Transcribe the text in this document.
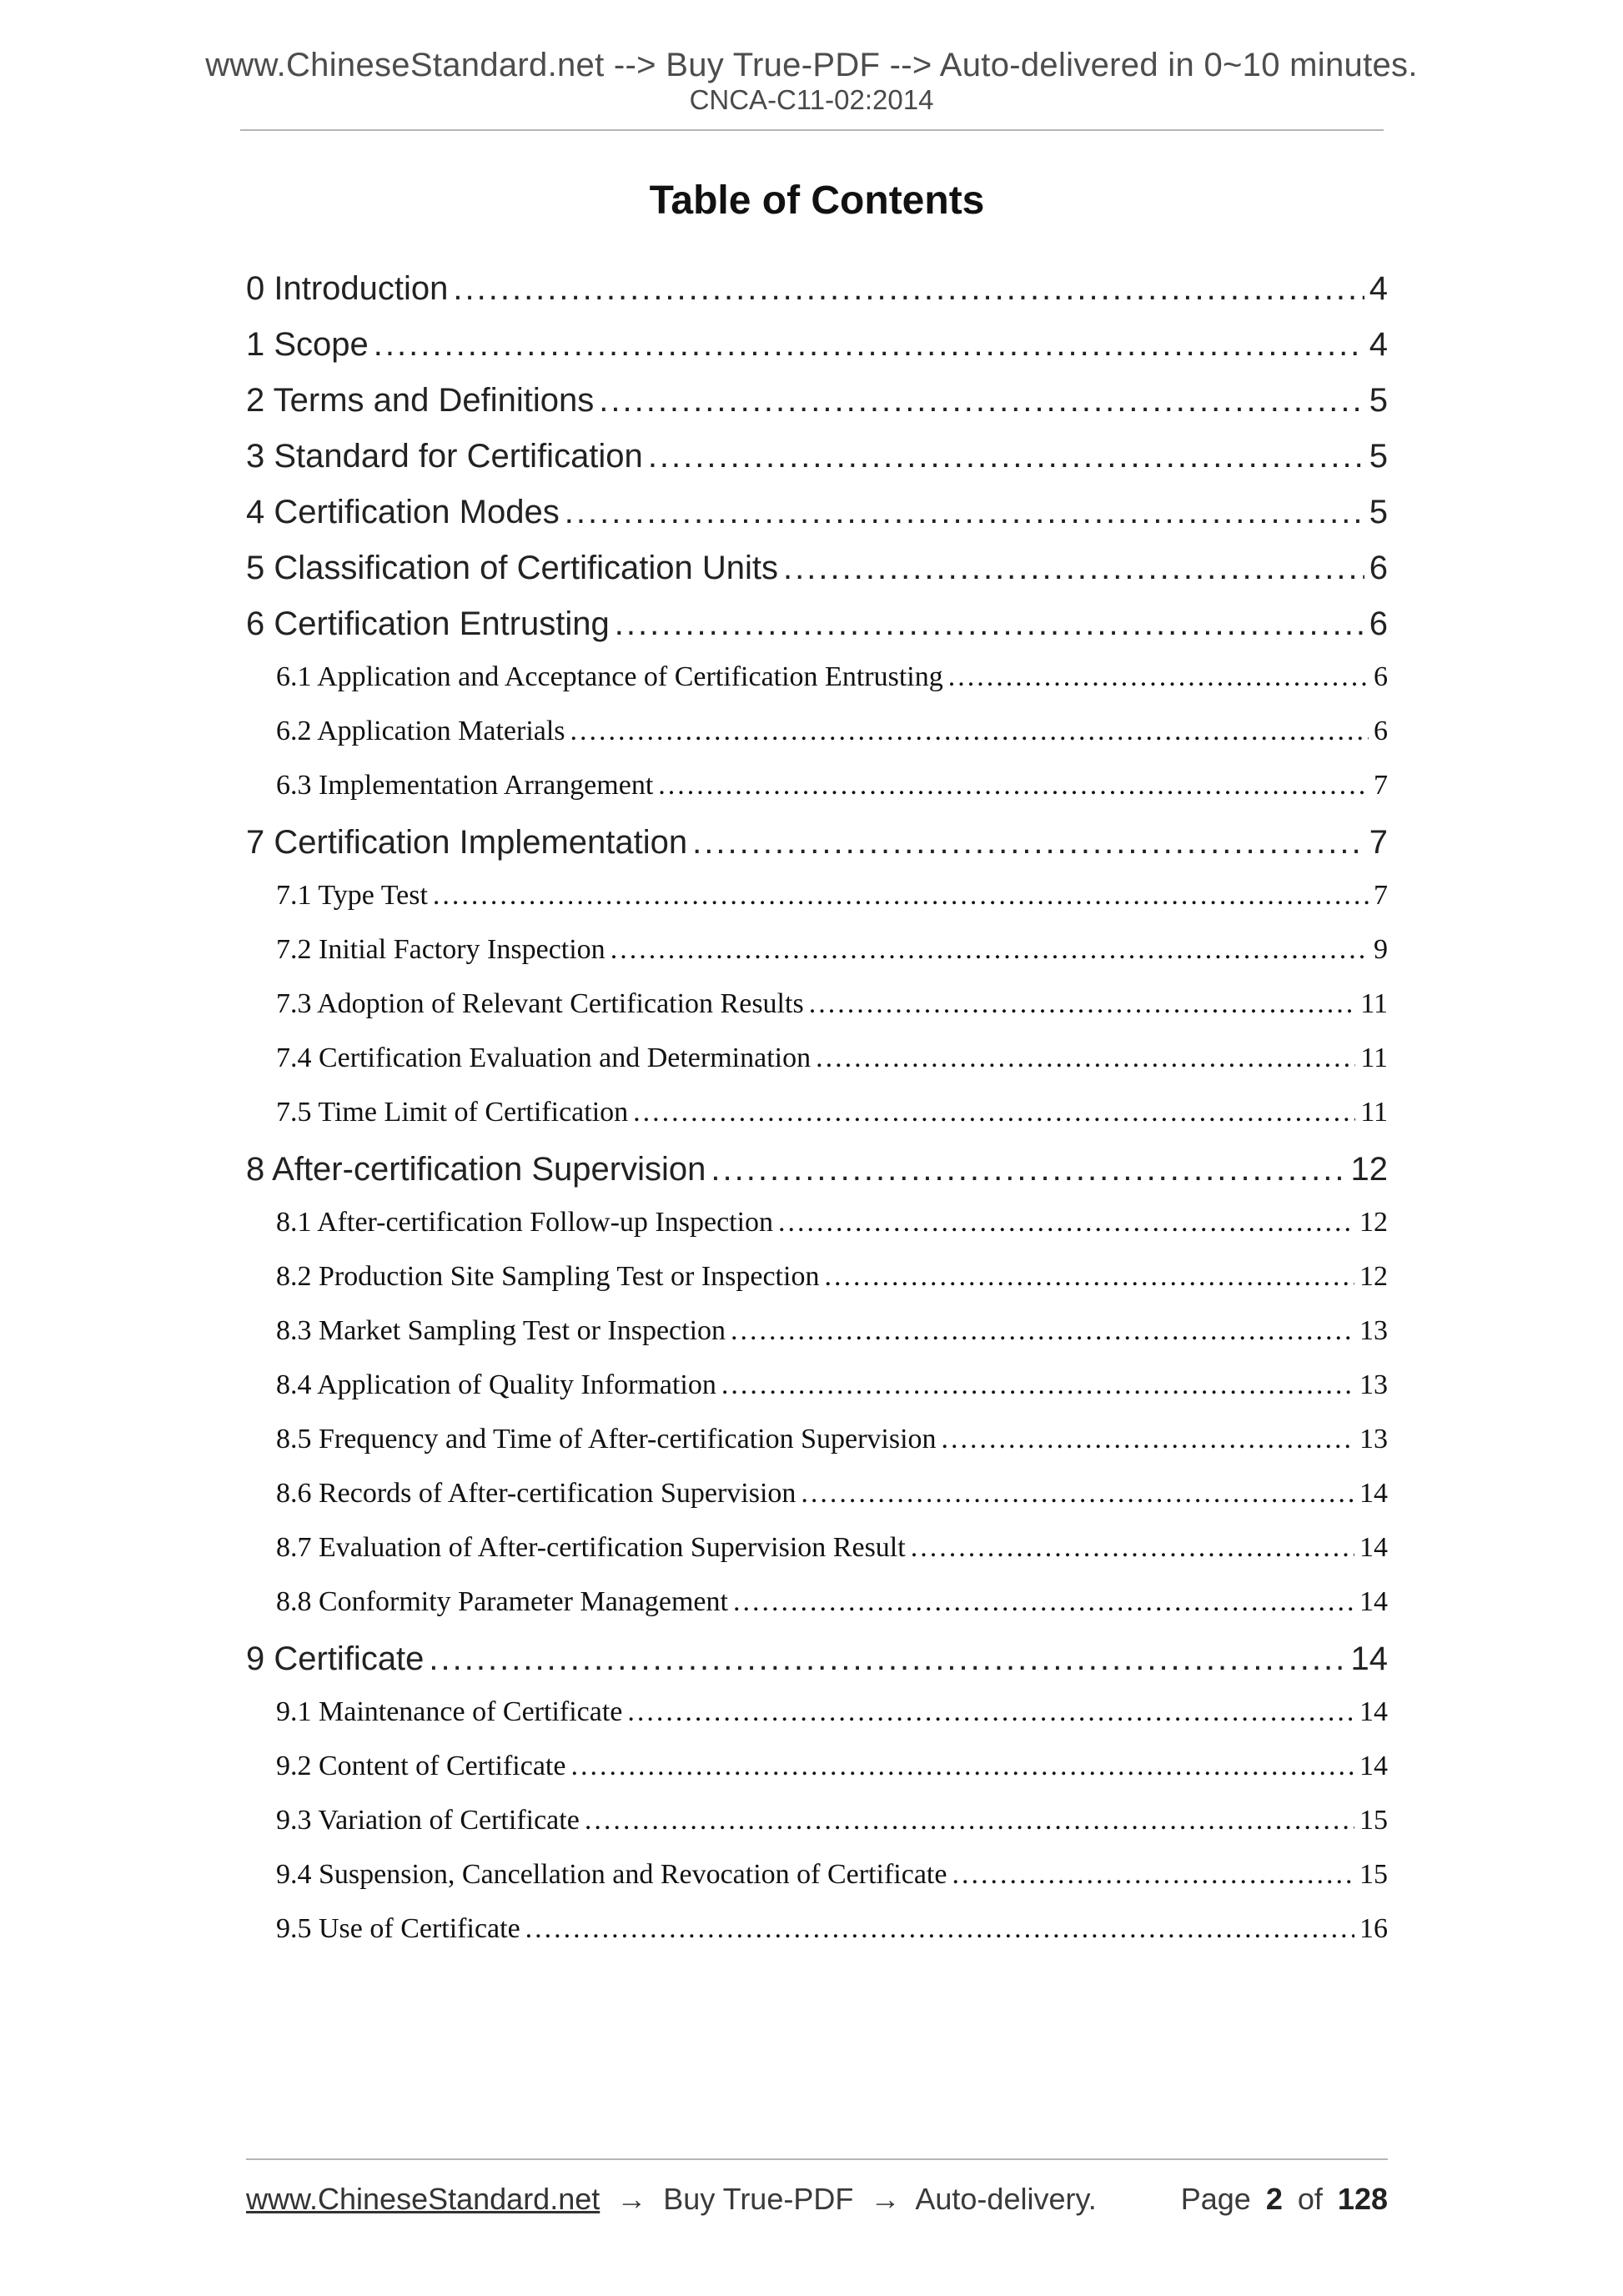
www.ChineseStandard.net --> Buy True-PDF --> Auto-delivered in 0~10 minutes.
CNCA-C11-02:2014
Table of Contents
0 Introduction .....	4
1 Scope .....	4
2 Terms and Definitions .....	5
3 Standard for Certification .....	5
4 Certification Modes .....	5
5 Classification of Certification Units .....	6
6 Certification Entrusting .....	6
6.1 Application and Acceptance of Certification Entrusting .....	6
6.2 Application Materials .....	6
6.3 Implementation Arrangement .....	7
7 Certification Implementation .....	7
7.1 Type Test .....	7
7.2 Initial Factory Inspection .....	9
7.3 Adoption of Relevant Certification Results .....	11
7.4 Certification Evaluation and Determination .....	11
7.5 Time Limit of Certification .....	11
8 After-certification Supervision .....	12
8.1 After-certification Follow-up Inspection .....	12
8.2 Production Site Sampling Test or Inspection .....	12
8.3 Market Sampling Test or Inspection .....	13
8.4 Application of Quality Information .....	13
8.5 Frequency and Time of After-certification Supervision .....	13
8.6 Records of After-certification Supervision .....	14
8.7 Evaluation of After-certification Supervision Result .....	14
8.8 Conformity Parameter Management .....	14
9 Certificate .....	14
9.1 Maintenance of Certificate .....	14
9.2 Content of Certificate .....	14
9.3 Variation of Certificate .....	15
9.4 Suspension, Cancellation and Revocation of Certificate .....	15
9.5 Use of Certificate .....	16
www.ChineseStandard.net → Buy True-PDF → Auto-delivery.	Page 2 of 128
